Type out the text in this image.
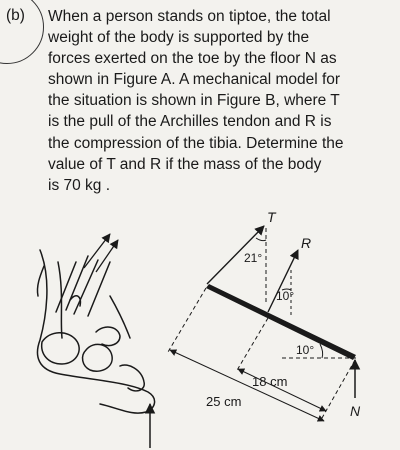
(b) When a person stands on tiptoe, the total
weight of the body is supported by the
forces exerted on the toe by the floor N as
shown in Figure A. A mechanical model for
the situation is shown in Figure B, where T
is the pull of the Archilles tendon and R is
the compression of the tibia. Determine the
value of T and R if the mass of the body
is 70 kg .

T
R
N
21°
10°
10°
18 cm
25 cm
